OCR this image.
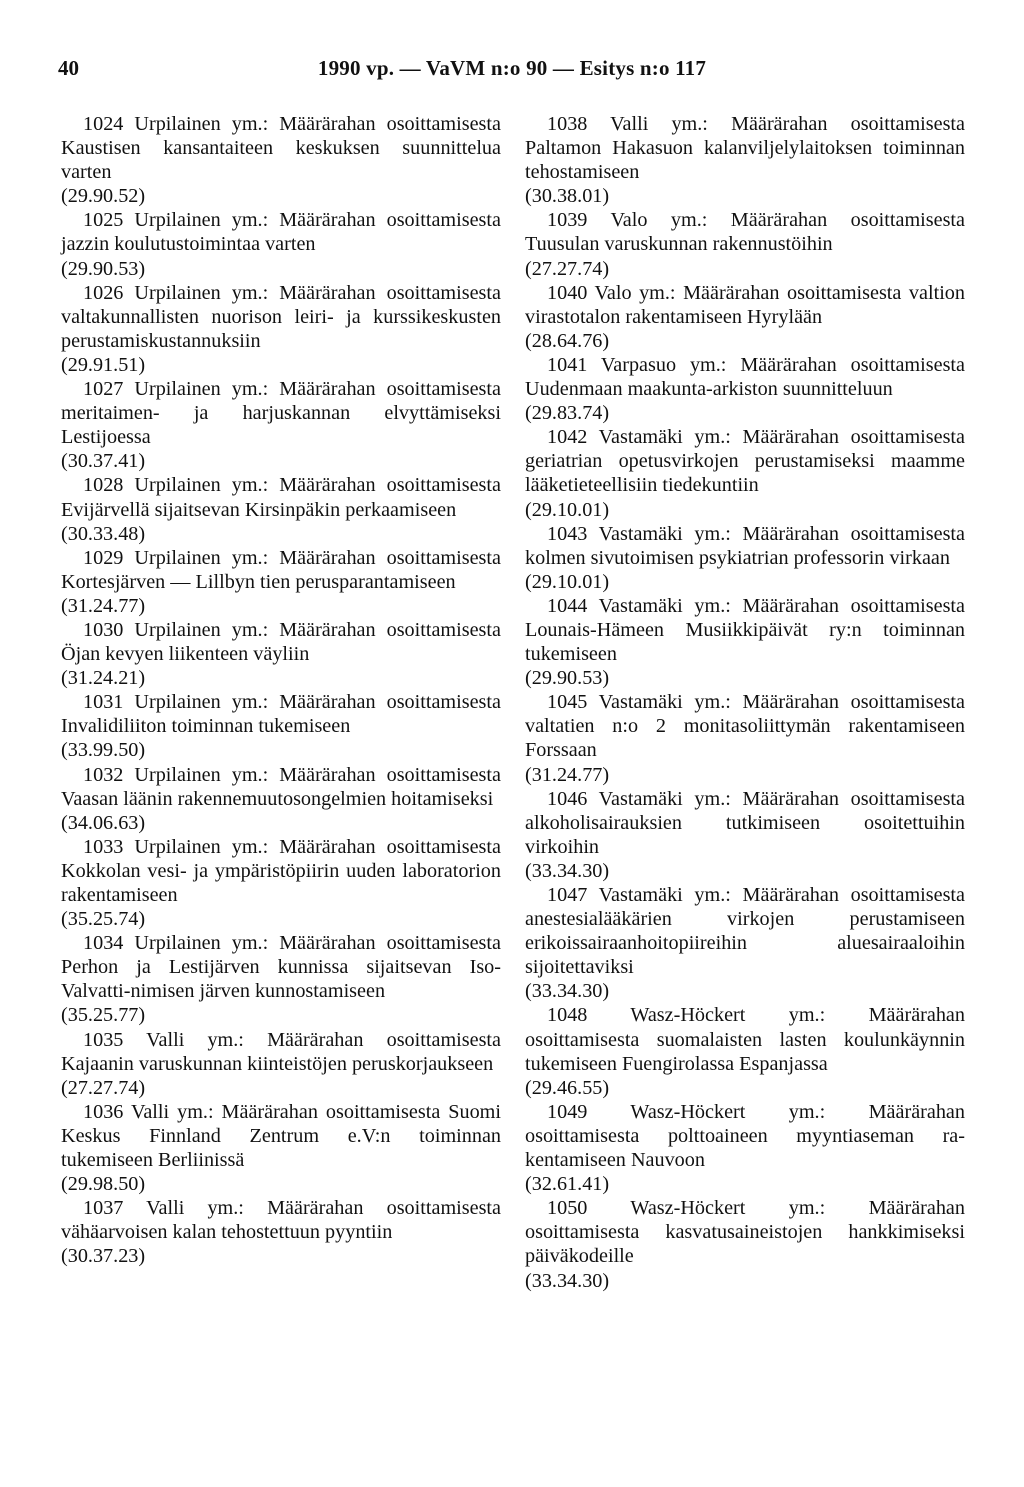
40	1990 vp. — VaVM n:o 90 — Esitys n:o 117
1024 Urpilainen ym.: Määrärahan osoittamisesta Kaustisen kansantaiteen keskuksen suunnittelua varten
(29.90.52)
1025 Urpilainen ym.: Määrärahan osoittamisesta jazzin koulutustoimintaa varten
(29.90.53)
1026 Urpilainen ym.: Määrärahan osoittamisesta valtakunnallisten nuorison leiri- ja kurssikeskusten perustamiskustannuksiin
(29.91.51)
1027 Urpilainen ym.: Määrärahan osoittamisesta meritaimen- ja harjuskannan elvyttämiseksi Lestijoessa
(30.37.41)
1028 Urpilainen ym.: Määrärahan osoittamisesta Evijärvellä sijaitsevan Kirsinpäkin perkaamiseen
(30.33.48)
1029 Urpilainen ym.: Määrärahan osoittamisesta Kortesjärven — Lillbyn tien perusparantamiseen
(31.24.77)
1030 Urpilainen ym.: Määrärahan osoittamisesta Öjan kevyen liikenteen väyliin
(31.24.21)
1031 Urpilainen ym.: Määrärahan osoittamisesta Invalidiliiton toiminnan tukemiseen
(33.99.50)
1032 Urpilainen ym.: Määrärahan osoittamisesta Vaasan läänin rakennemuutosongelmien hoitamiseksi
(34.06.63)
1033 Urpilainen ym.: Määrärahan osoittamisesta Kokkolan vesi- ja ympäristöpiirin uuden laboratorion rakentamiseen
(35.25.74)
1034 Urpilainen ym.: Määrärahan osoittamisesta Perhon ja Lestijärven kunnissa sijaitsevan Iso-Valvatti-nimisen järven kunnostamiseen
(35.25.77)
1035 Valli ym.: Määrärahan osoittamisesta Kajaanin varuskunnan kiinteistöjen peruskorjaukseen
(27.27.74)
1036 Valli ym.: Määrärahan osoittamisesta Suomi Keskus Finnland Zentrum e.V:n toiminnan tukemiseen Berliinissä
(29.98.50)
1037 Valli ym.: Määrärahan osoittamisesta vähäarvoisen kalan tehostettuun pyyntiin
(30.37.23)
1038 Valli ym.: Määrärahan osoittamisesta Paltamon Hakasuon kalanviljelylaitoksen toiminnan tehostamiseen
(30.38.01)
1039 Valo ym.: Määrärahan osoittamisesta Tuusulan varuskunnan rakennustöihin
(27.27.74)
1040 Valo ym.: Määrärahan osoittamisesta valtion virastotalon rakentamiseen Hyrylään
(28.64.76)
1041 Varpasuo ym.: Määrärahan osoittamisesta Uudenmaan maakunta-arkiston suunnitteluun
(29.83.74)
1042 Vastamäki ym.: Määrärahan osoittamisesta geriatrian opetusvirkojen perustamiseksi maamme lääketieteellisiin tiedekuntiin
(29.10.01)
1043 Vastamäki ym.: Määrärahan osoittamisesta kolmen sivutoimisen psykiatrian professorin virkaan
(29.10.01)
1044 Vastamäki ym.: Määrärahan osoittamisesta Lounais-Hämeen Musiikkipäivät ry:n toiminnan tukemiseen
(29.90.53)
1045 Vastamäki ym.: Määrärahan osoittamisesta valtatien n:o 2 monitasoliittymän rakentamiseen Forssaan
(31.24.77)
1046 Vastamäki ym.: Määrärahan osoittamisesta alkoholisairauksien tutkimiseen osoitettuihin virkoihin
(33.34.30)
1047 Vastamäki ym.: Määrärahan osoittamisesta anestesialääkärien virkojen perustamiseen erikoissairaanhoitopiireihin aluesairaaloihin sijoitettaviksi
(33.34.30)
1048 Wasz-Höckert ym.: Määrärahan osoittamisesta suomalaisten lasten koulunkäynnin tukemiseen Fuengirolassa Espanjassa
(29.46.55)
1049 Wasz-Höckert ym.: Määrärahan osoittamisesta polttoaineen myyntiaseman rakentamiseen Nauvoon
(32.61.41)
1050 Wasz-Höckert ym.: Määrärahan osoittamisesta kasvatusaineistojen hankkimiseksi päiväkodeille
(33.34.30)
